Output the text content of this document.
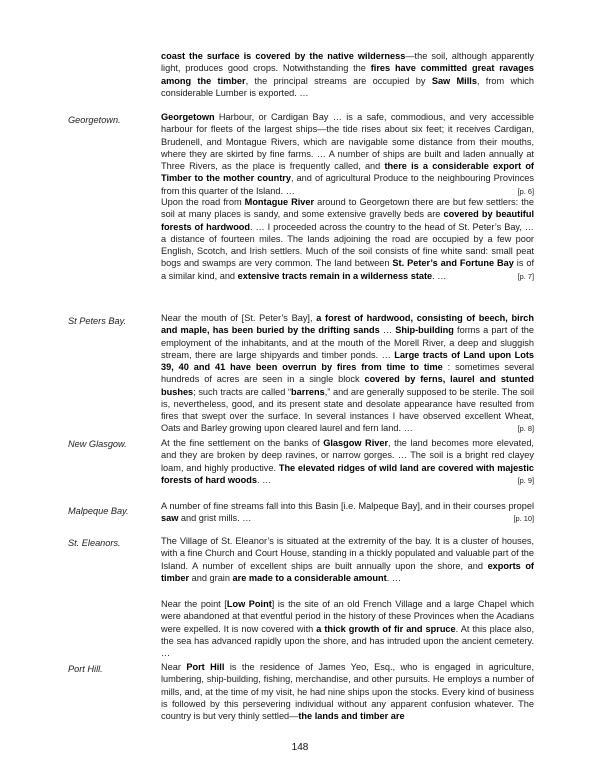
coast the surface is covered by the native wilderness—the soil, although apparently light, produces good crops. Notwithstanding the fires have committed great ravages among the timber, the principal streams are occupied by Saw Mills, from which considerable Lumber is exported. …
Georgetown.	Georgetown Harbour, or Cardigan Bay … is a safe, commodious, and very accessible harbour for fleets of the largest ships—the tide rises about six feet; it receives Cardigan, Brudenell, and Montague Rivers, which are navigable some distance from their mouths, where they are skirted by fine farms. … A number of ships are built and laden annually at Three Rivers, as the place is frequently called, and there is a considerable export of Timber to the mother country, and of agricultural Produce to the neighbouring Provinces from this quarter of the Island. …	[p. 6]
Upon the road from Montague River around to Georgetown there are but few settlers: the soil at many places is sandy, and some extensive gravelly beds are covered by beautiful forests of hardwood. … I proceeded across the country to the head of St. Peter’s Bay, … a distance of fourteen miles. The lands adjoining the road are occupied by a few poor English, Scotch, and Irish settlers. Much of the soil consists of fine white sand: small peat bogs and swamps are very common. The land between St. Peter’s and Fortune Bay is of a similar kind, and extensive tracts remain in a wilderness state. …	[p. 7]
St Peters Bay.	Near the mouth of [St. Peter’s Bay], a forest of hardwood, consisting of beech, birch and maple, has been buried by the drifting sands … Ship-building forms a part of the employment of the inhabitants, and at the mouth of the Morell River, a deep and sluggish stream, there are large shipyards and timber ponds. … Large tracts of Land upon Lots 39, 40 and 41 have been overrun by fires from time to time : sometimes several hundreds of acres are seen in a single block covered by ferns, laurel and stunted bushes; such tracts are called “barrens,” and are generally supposed to be sterile. The soil is, nevertheless, good, and its present state and desolate appearance have resulted from fires that swept over the surface. In several instances I have observed excellent Wheat, Oats and Barley growing upon cleared laurel and fern land. …	[p. 8]
New Glasgow.	At the fine settlement on the banks of Glasgow River, the land becomes more elevated, and they are broken by deep ravines, or narrow gorges. … The soil is a bright red clayey loam, and highly productive. The elevated ridges of wild land are covered with majestic forests of hard woods. …	[p. 9]
Malpeque Bay.	A number of fine streams fall into this Basin [i.e. Malpeque Bay], and in their courses propel saw and grist mills. …	[p. 10]
St. Eleanors.	The Village of St. Eleanor’s is situated at the extremity of the bay. It is a cluster of houses, with a fine Church and Court House, standing in a thickly populated and valuable part of the Island. A number of excellent ships are built annually upon the shore, and exports of timber and grain are made to a considerable amount. …
Near the point [Low Point] is the site of an old French Village and a large Chapel which were abandoned at that eventful period in the history of these Provinces when the Acadians were expelled. It is now covered with a thick growth of fir and spruce. At this place also, the sea has advanced rapidly upon the shore, and has intruded upon the ancient cemetery. …
Port Hill.	Near Port Hill is the residence of James Yeo, Esq., who is engaged in agriculture, lumbering, ship-building, fishing, merchandise, and other pursuits. He employs a number of mills, and, at the time of my visit, he had nine ships upon the stocks. Every kind of business is followed by this persevering individual without any apparent confusion whatever. The country is but very thinly settled—the lands and timber are
148
